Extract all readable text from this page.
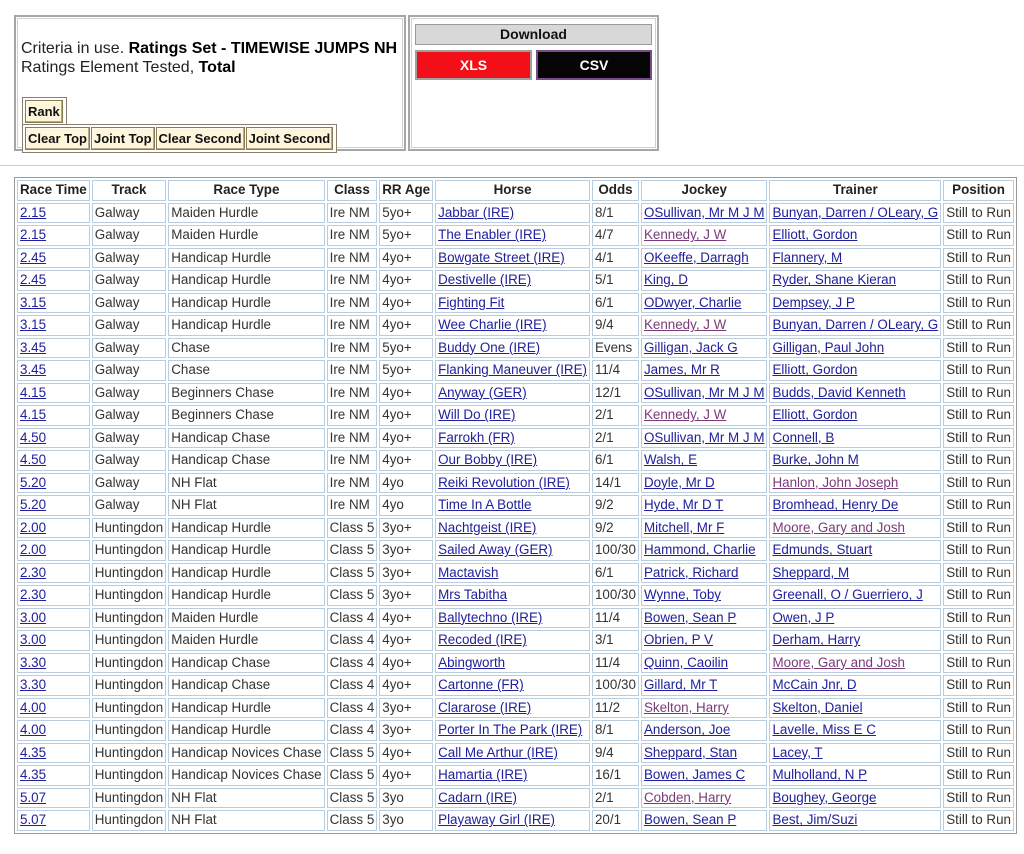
Criteria in use. Ratings Set - TIMEWISE JUMPS NH
Ratings Element Tested, Total
Rank
Clear Top Joint Top Clear Second Joint Second
Download
XLS	CSV
Race Time	Track	Race Type	Class	RR Age	Horse	Odds	Jockey	Trainer	Position
2.15	Galway	Maiden Hurdle	Ire NM	5yo+	Jabbar (IRE)	8/1	OSullivan, Mr M J M	Bunyan, Darren / OLeary, G	Still to Run
2.15	Galway	Maiden Hurdle	Ire NM	5yo+	The Enabler (IRE)	4/7	Kennedy, J W	Elliott, Gordon	Still to Run
2.45	Galway	Handicap Hurdle	Ire NM	4yo+	Bowgate Street (IRE)	4/1	OKeeffe, Darragh	Flannery, M	Still to Run
2.45	Galway	Handicap Hurdle	Ire NM	4yo+	Destivelle (IRE)	5/1	King, D	Ryder, Shane Kieran	Still to Run
3.15	Galway	Handicap Hurdle	Ire NM	4yo+	Fighting Fit	6/1	ODwyer, Charlie	Dempsey, J P	Still to Run
3.15	Galway	Handicap Hurdle	Ire NM	4yo+	Wee Charlie (IRE)	9/4	Kennedy, J W	Bunyan, Darren / OLeary, G	Still to Run
3.45	Galway	Chase	Ire NM	5yo+	Buddy One (IRE)	Evens	Gilligan, Jack G	Gilligan, Paul John	Still to Run
3.45	Galway	Chase	Ire NM	5yo+	Flanking Maneuver (IRE)	11/4	James, Mr R	Elliott, Gordon	Still to Run
4.15	Galway	Beginners Chase	Ire NM	4yo+	Anyway (GER)	12/1	OSullivan, Mr M J M	Budds, David Kenneth	Still to Run
4.15	Galway	Beginners Chase	Ire NM	4yo+	Will Do (IRE)	2/1	Kennedy, J W	Elliott, Gordon	Still to Run
4.50	Galway	Handicap Chase	Ire NM	4yo+	Farrokh (FR)	2/1	OSullivan, Mr M J M	Connell, B	Still to Run
4.50	Galway	Handicap Chase	Ire NM	4yo+	Our Bobby (IRE)	6/1	Walsh, E	Burke, John M	Still to Run
5.20	Galway	NH Flat	Ire NM	4yo	Reiki Revolution (IRE)	14/1	Doyle, Mr D	Hanlon, John Joseph	Still to Run
5.20	Galway	NH Flat	Ire NM	4yo	Time In A Bottle	9/2	Hyde, Mr D T	Bromhead, Henry De	Still to Run
2.00	Huntingdon	Handicap Hurdle	Class 5	3yo+	Nachtgeist (IRE)	9/2	Mitchell, Mr F	Moore, Gary and Josh	Still to Run
2.00	Huntingdon	Handicap Hurdle	Class 5	3yo+	Sailed Away (GER)	100/30	Hammond, Charlie	Edmunds, Stuart	Still to Run
2.30	Huntingdon	Handicap Hurdle	Class 5	3yo+	Mactavish	6/1	Patrick, Richard	Sheppard, M	Still to Run
2.30	Huntingdon	Handicap Hurdle	Class 5	3yo+	Mrs Tabitha	100/30	Wynne, Toby	Greenall, O / Guerriero, J	Still to Run
3.00	Huntingdon	Maiden Hurdle	Class 4	4yo+	Ballytechno (IRE)	11/4	Bowen, Sean P	Owen, J P	Still to Run
3.00	Huntingdon	Maiden Hurdle	Class 4	4yo+	Recoded (IRE)	3/1	Obrien, P V	Derham, Harry	Still to Run
3.30	Huntingdon	Handicap Chase	Class 4	4yo+	Abingworth	11/4	Quinn, Caoilin	Moore, Gary and Josh	Still to Run
3.30	Huntingdon	Handicap Chase	Class 4	4yo+	Cartonne (FR)	100/30	Gillard, Mr T	McCain Jnr, D	Still to Run
4.00	Huntingdon	Handicap Hurdle	Class 4	3yo+	Clararose (IRE)	11/2	Skelton, Harry	Skelton, Daniel	Still to Run
4.00	Huntingdon	Handicap Hurdle	Class 4	3yo+	Porter In The Park (IRE)	8/1	Anderson, Joe	Lavelle, Miss E C	Still to Run
4.35	Huntingdon	Handicap Novices Chase	Class 5	4yo+	Call Me Arthur (IRE)	9/4	Sheppard, Stan	Lacey, T	Still to Run
4.35	Huntingdon	Handicap Novices Chase	Class 5	4yo+	Hamartia (IRE)	16/1	Bowen, James C	Mulholland, N P	Still to Run
5.07	Huntingdon	NH Flat	Class 5	3yo	Cadarn (IRE)	2/1	Cobden, Harry	Boughey, George	Still to Run
5.07	Huntingdon	NH Flat	Class 5	3yo	Playaway Girl (IRE)	20/1	Bowen, Sean P	Best, Jim/Suzi	Still to Run
